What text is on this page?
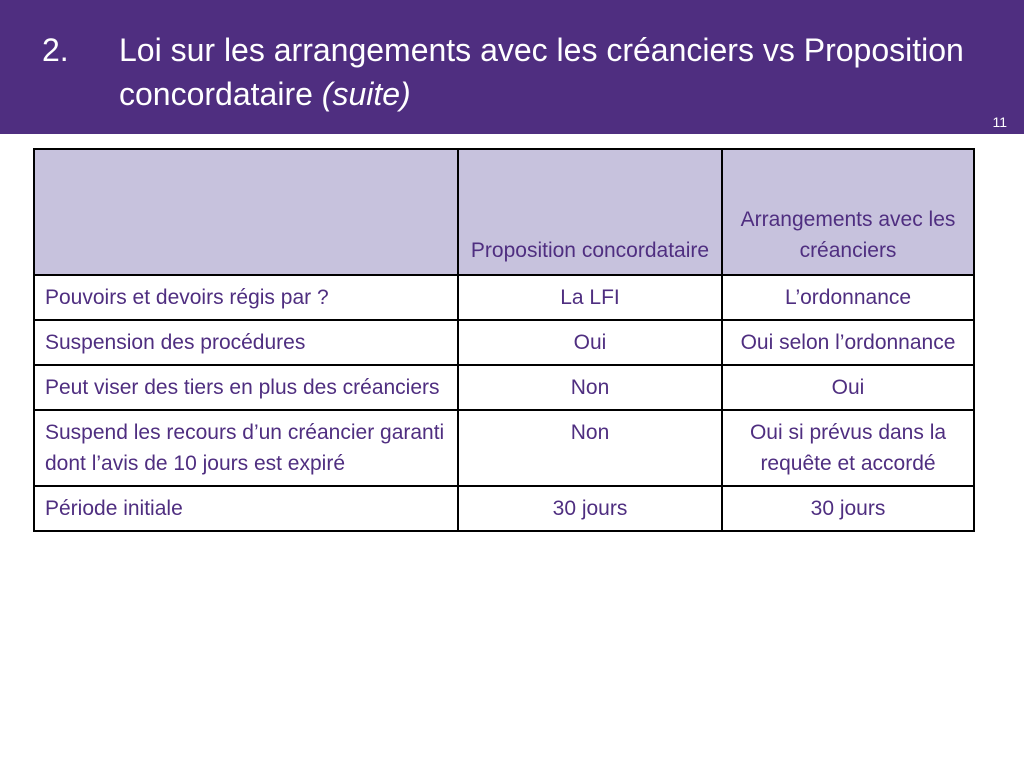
2. Loi sur les arrangements avec les créanciers vs Proposition concordataire (suite)
11
	Proposition concordataire	Arrangements avec les créanciers
Pouvoirs et devoirs régis par ?	La LFI	L’ordonnance
Suspension des procédures	Oui	Oui selon l’ordonnance
Peut viser des tiers en plus des créanciers	Non	Oui
Suspend les recours d’un créancier garanti dont l’avis de 10 jours est expiré	Non	Oui si prévus dans la requête et accordé
Période initiale	30 jours	30 jours
